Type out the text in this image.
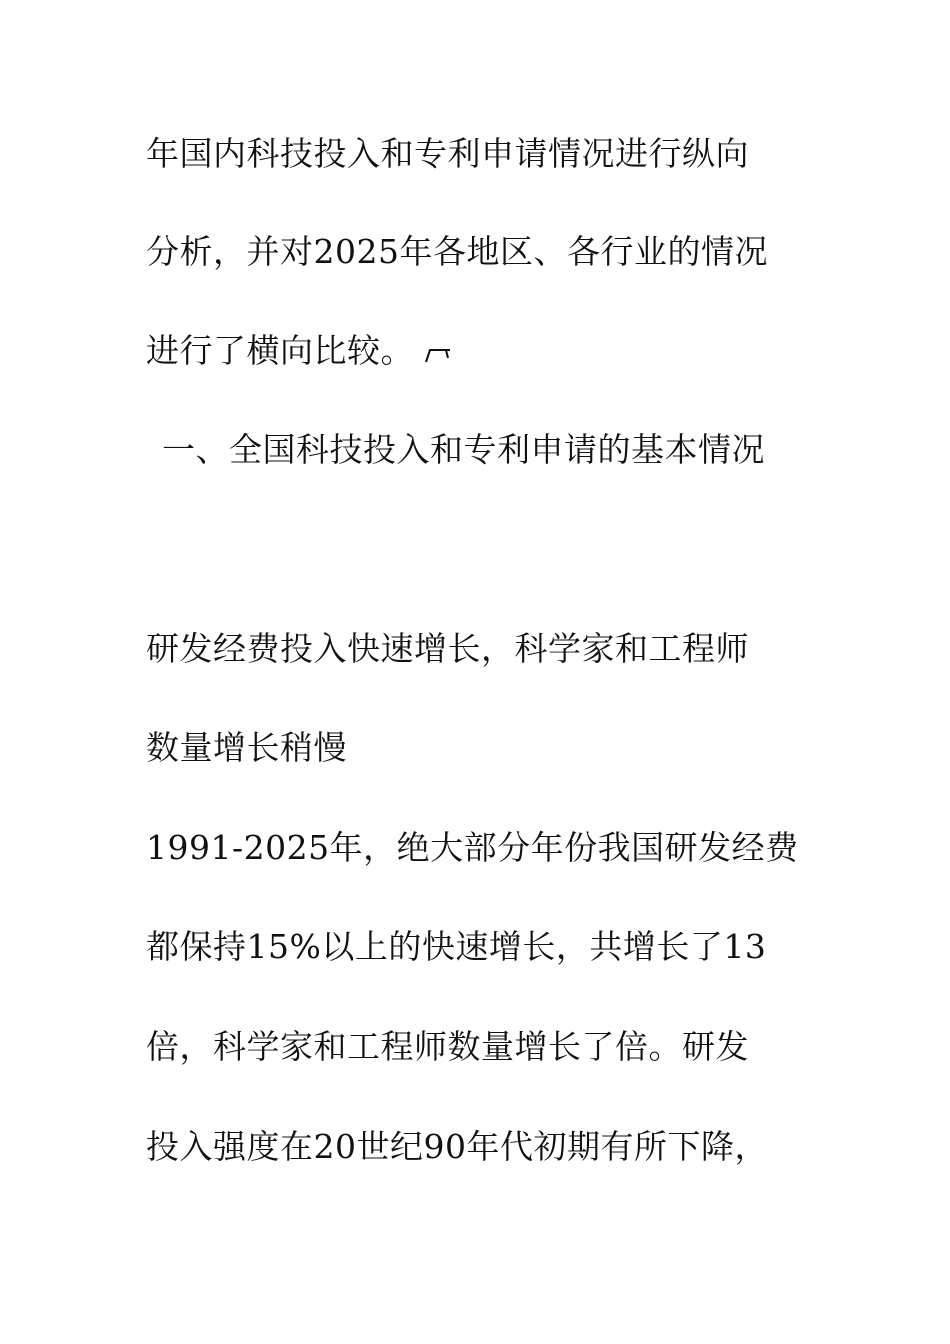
年国内科技投入和专利申请情况进行纵向
分析，并对2025年各地区、各行业的情况
进行了横向比较。
一、全国科技投入和专利申请的基本情况
研发经费投入快速增长，科学家和工程师
数量增长稍慢
1991-2025年，绝大部分年份我国研发经费
都保持15%以上的快速增长，共增长了13
倍，科学家和工程师数量增长了倍。研发
投入强度在20世纪90年代初期有所下降，
